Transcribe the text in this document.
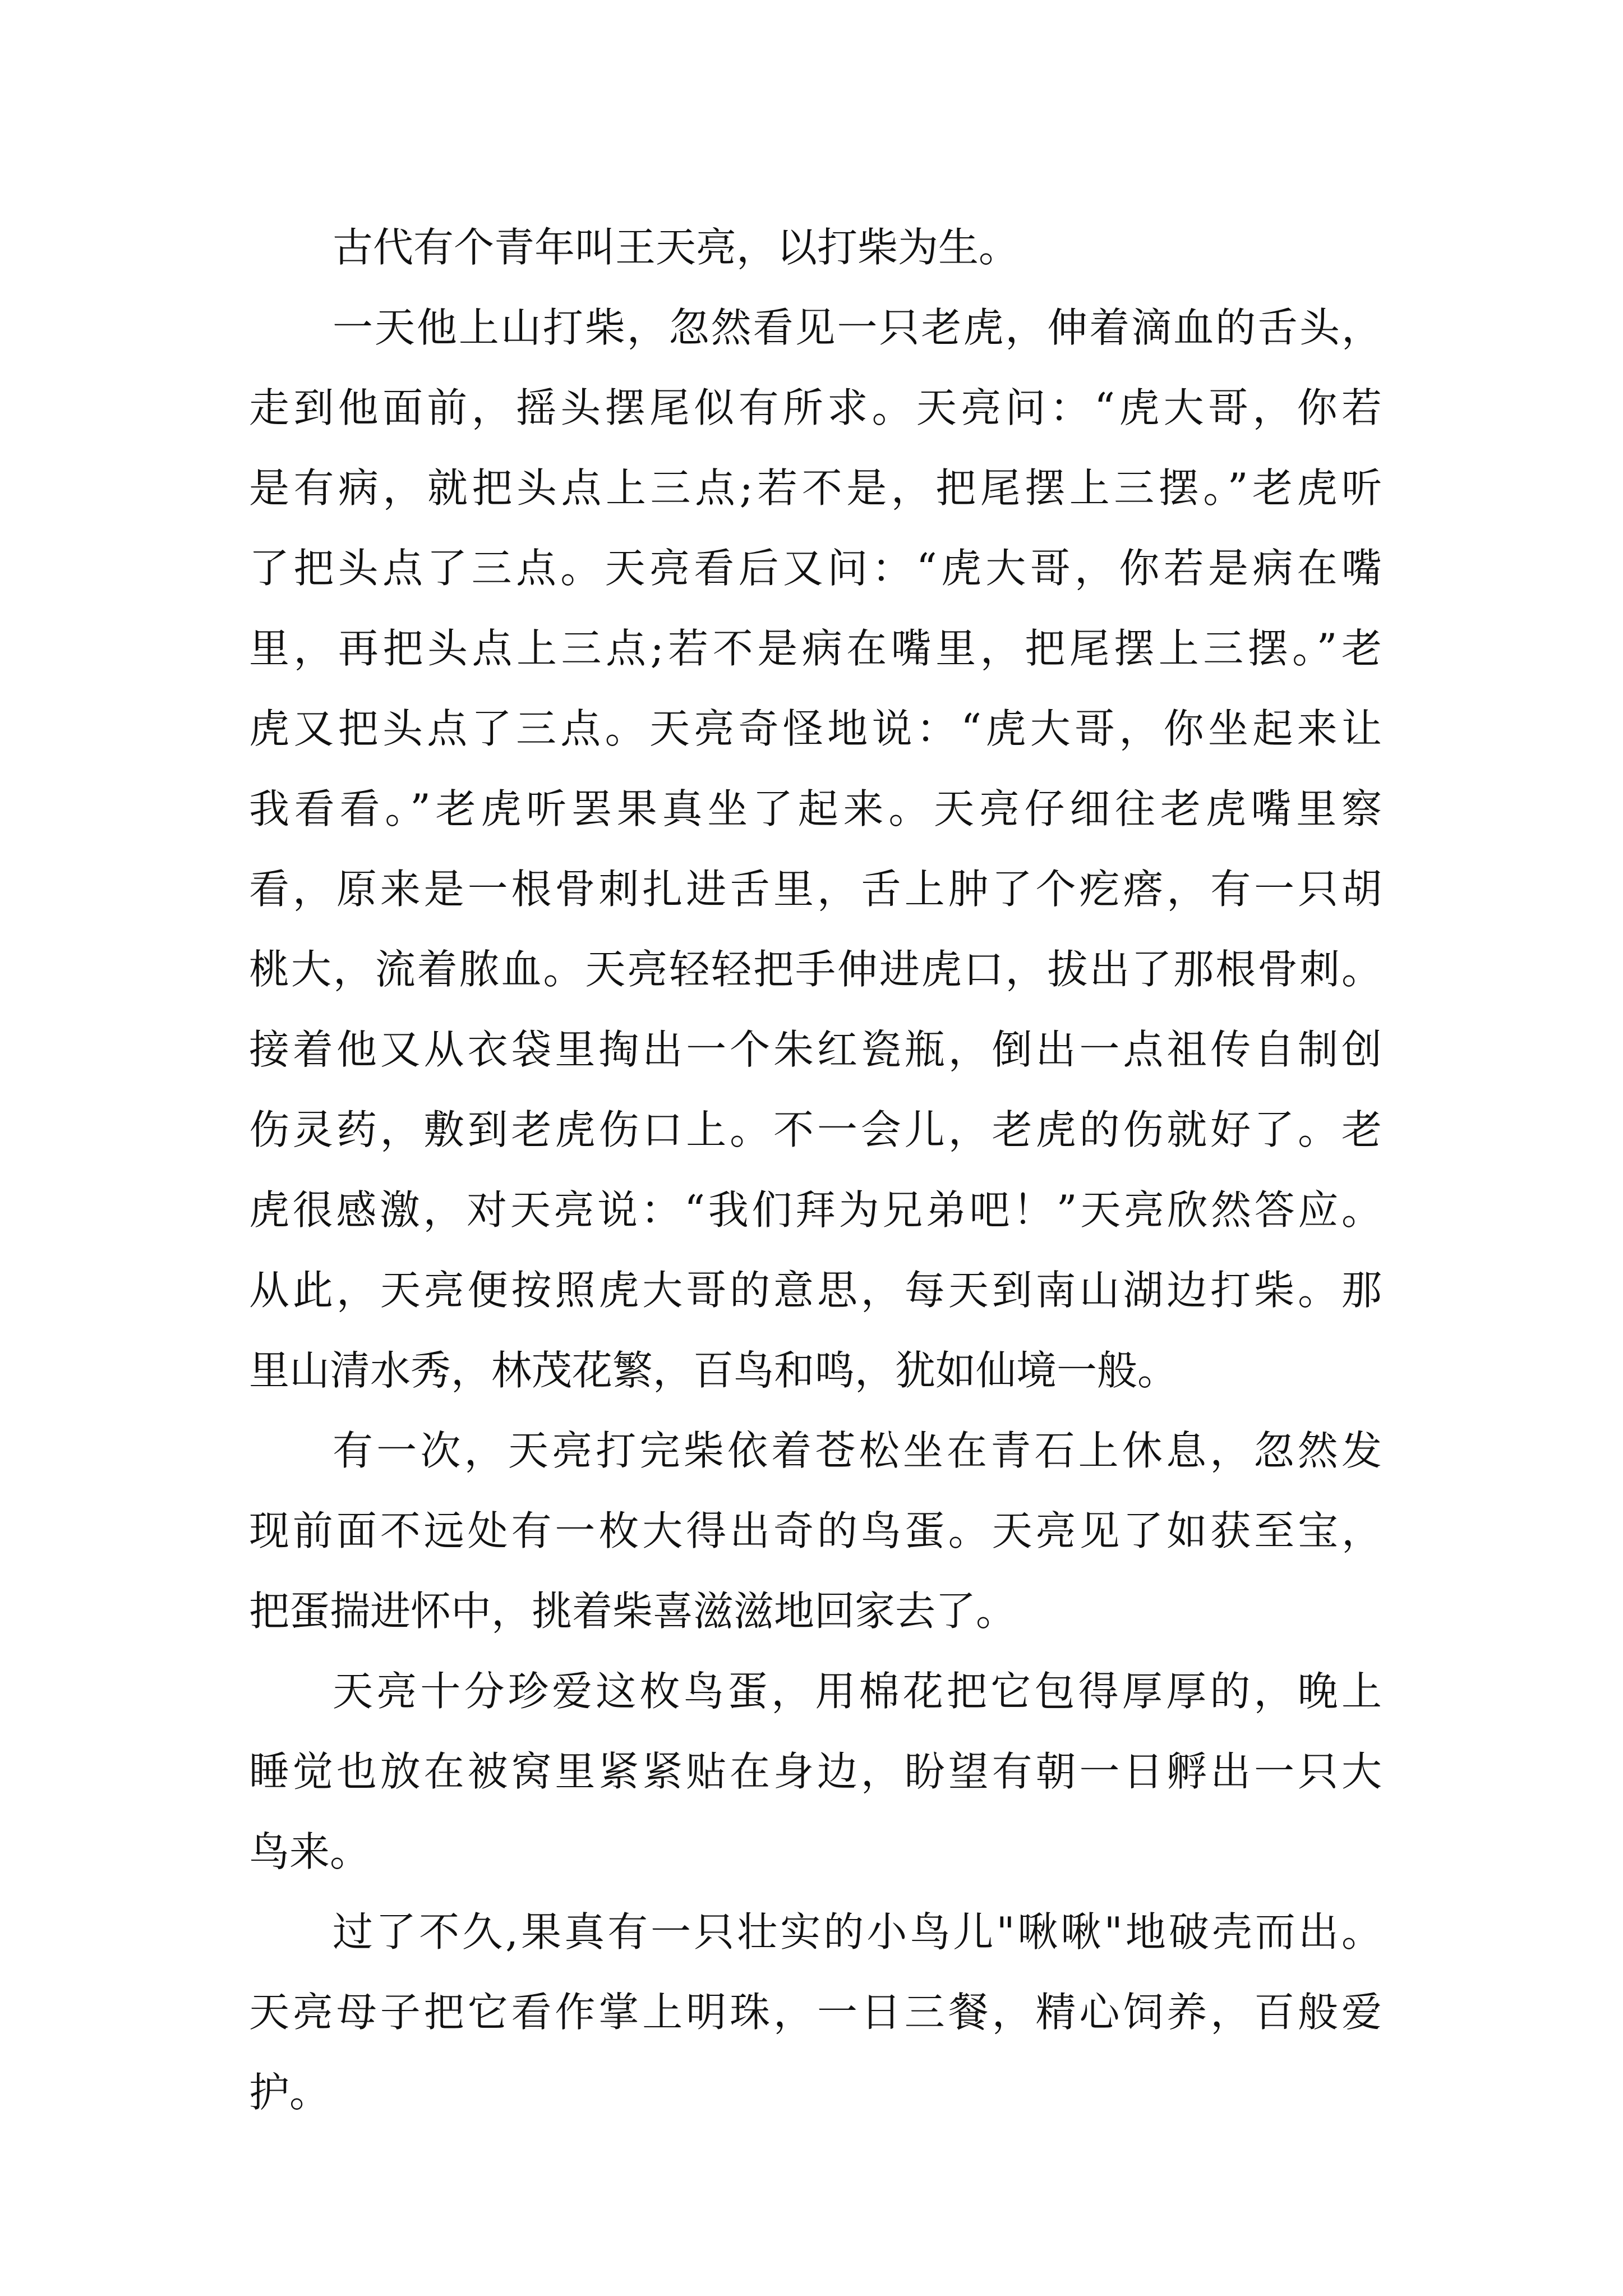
古代有个青年叫王天亮，以打柴为生。
一天他上山打柴，忽然看见一只老虎，伸着滴血的舌头，
走到他面前，摇头摆尾似有所求。天亮问：“虎大哥，你若
是有病，就把头点上三点;若不是，把尾摆上三摆。”老虎听
了把头点了三点。天亮看后又问：“虎大哥，你若是病在嘴
里，再把头点上三点;若不是病在嘴里，把尾摆上三摆。”老
虎又把头点了三点。天亮奇怪地说：“虎大哥，你坐起来让
我看看。”老虎听罢果真坐了起来。天亮仔细往老虎嘴里察
看，原来是一根骨刺扎进舌里，舌上肿了个疙瘩，有一只胡
桃大，流着脓血。天亮轻轻把手伸进虎口，拔出了那根骨刺。
接着他又从衣袋里掏出一个朱红瓷瓶，倒出一点祖传自制创
伤灵药，敷到老虎伤口上。不一会儿，老虎的伤就好了。老
虎很感激，对天亮说：“我们拜为兄弟吧！”天亮欣然答应。
从此，天亮便按照虎大哥的意思，每天到南山湖边打柴。那
里山清水秀，林茂花繁，百鸟和鸣，犹如仙境一般。
有一次，天亮打完柴依着苍松坐在青石上休息，忽然发
现前面不远处有一枚大得出奇的鸟蛋。天亮见了如获至宝，
把蛋揣进怀中，挑着柴喜滋滋地回家去了。
天亮十分珍爱这枚鸟蛋，用棉花把它包得厚厚的，晚上
睡觉也放在被窝里紧紧贴在身边，盼望有朝一日孵出一只大
鸟来。
过了不久,果真有一只壮实的小鸟儿"啾啾"地破壳而出。
天亮母子把它看作掌上明珠，一日三餐，精心饲养，百般爱
护。
